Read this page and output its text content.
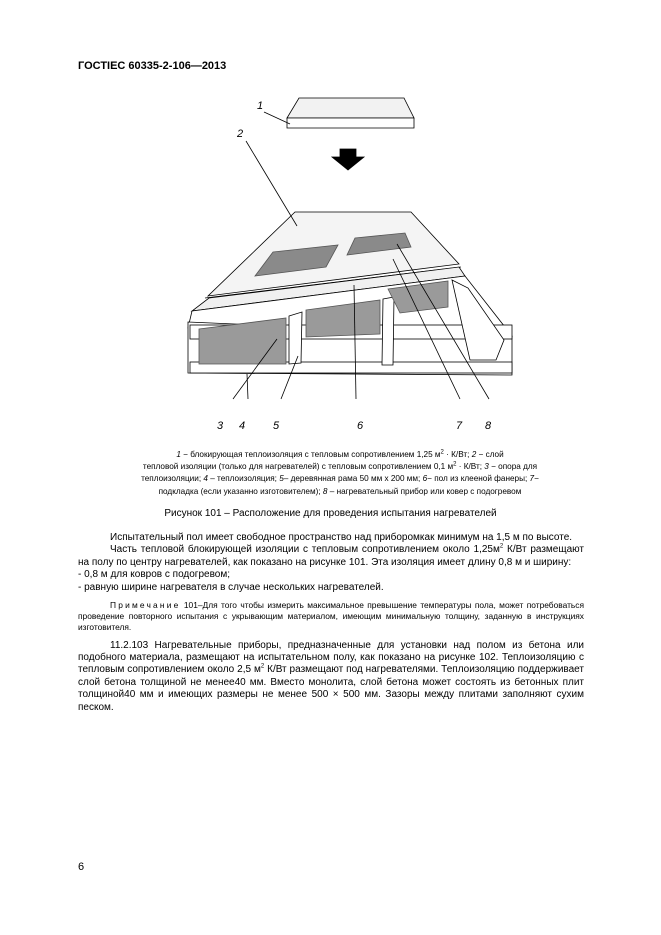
ГОСТIEC 60335-2-106—2013
1
2
3 4	5	6	7 8
1 − блокирующая теплоизоляция с тепловым сопротивлением 1,25 $м^2 \cdot К/Вт$; 2 − слой
тепловой изоляции (только для нагревателей) с тепловым сопротивлением 0,1 $м^2 \cdot К/Вт$; 3 − опора для
теплоизоляции; 4 – теплоизоляция; 5– деревянная рама 50 мм х 200 мм; 6− пол из клееной фанеры; 7−
подкладка (если указанно изготовителем); 8 – нагревательный прибор или ковер с подогревом
Рисунок 101 – Расположение для проведения испытания нагревателей

Испытательный пол имеет свободное пространство над приборомкак минимум на 1,5 м по высоте.

Часть тепловой блокирующей изоляции с тепловым сопротивлением около $1,25м^2$ К/Вт размещают на полу по центру нагревателей, как показано на рисунке 101. Эта изоляция имеет длину 0,8 м и ширину:

- 0,8 м для ковров с подогревом;

- равную ширине нагревателя в случае нескольких нагревателей.

Примечание 101–Для того чтобы измерить максимальное превышение температуры пола, может потребоваться проведение повторного испытания с укрывающим материалом, имеющим минимальную толщину, заданную в инструкциях изготовителя.

11.2.103 Нагревательные приборы, предназначенные для установки над полом из бетона или подобного материала, размещают на испытательном полу, как показано на рисунке 102. Теплоизоляцию с тепловым сопротивлением около 2,5 $м^2$ К/Вт размещают под нагревателями. Теплоизоляцию поддерживает слой бетона толщиной не менее40 мм. Вместо монолита, слой бетона может состоять из бетонных плит толщиной40 мм и имеющих размеры не менее 500 × 500 мм. Зазоры между плитами заполняют сухим песком.

6
